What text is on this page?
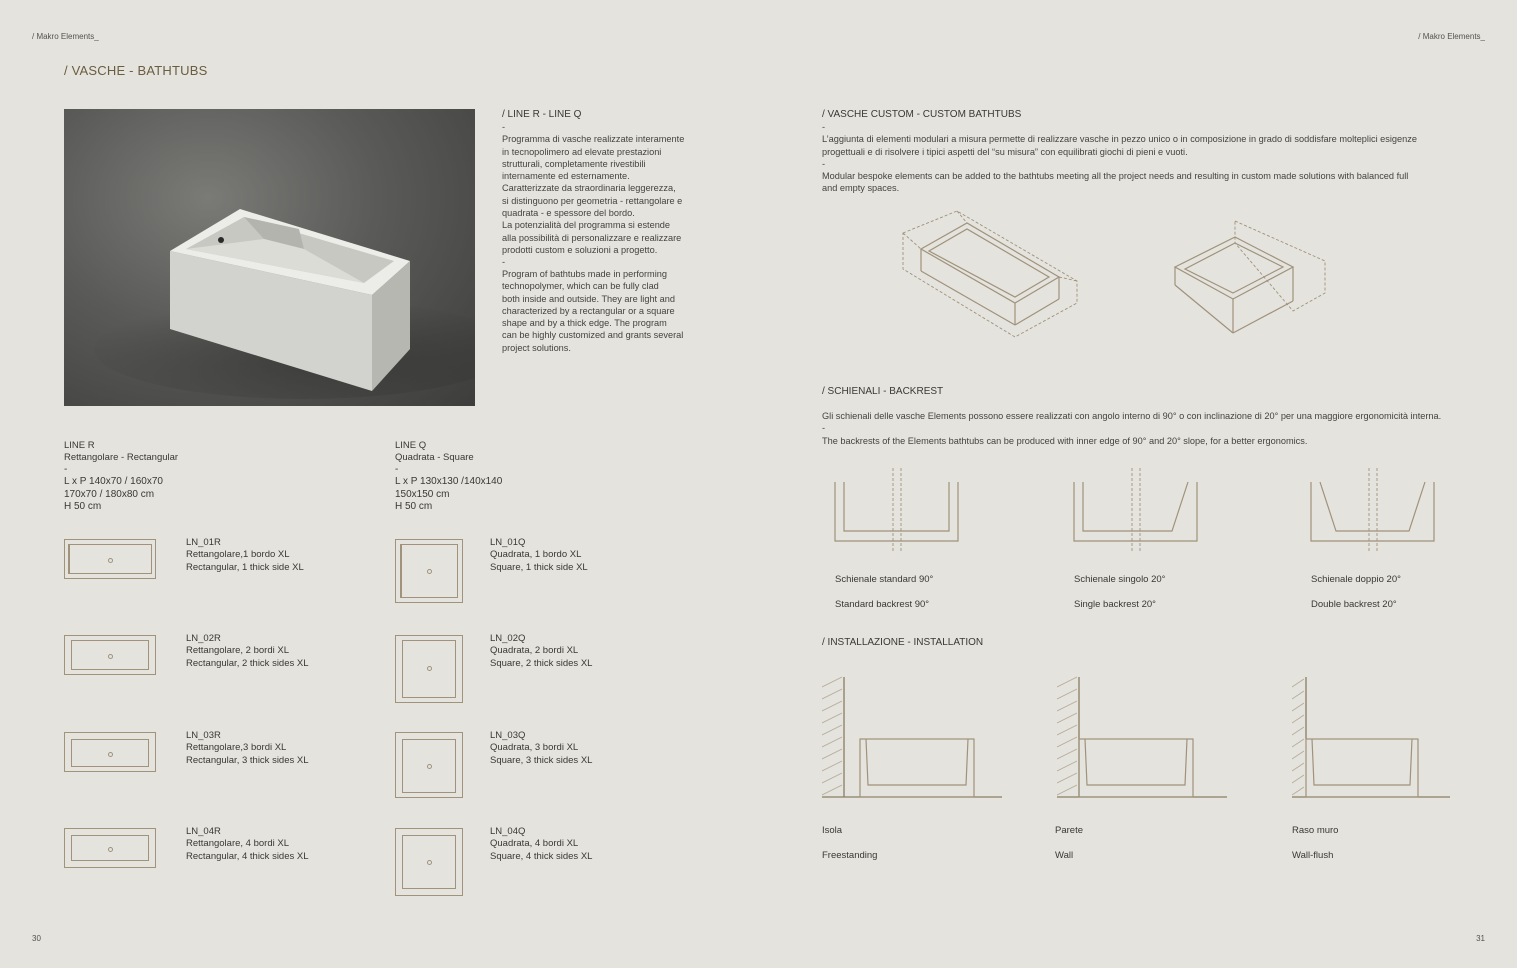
/ Makro Elements_	/ Makro Elements_
30	31
/ VASCHE - BATHTUBS
/ LINE R - LINE Q
-
Programma di vasche realizzate interamente
in tecnopolimero ad elevate prestazioni
strutturali, completamente rivestibili
internamente ed esternamente.
Caratterizzate da straordinaria leggerezza,
si distinguono per geometria - rettangolare e
quadrata - e spessore del bordo.
La potenzialità del programma si estende
alla possibilità di personalizzare e realizzare
prodotti custom e soluzioni a progetto.
-
Program of bathtubs made in performing
technopolymer, which can be fully clad
both inside and outside. They are light and
characterized by a rectangular or a square
shape and by a thick edge. The program
can be highly customized and grants several
project solutions.
LINE R
Rettangolare - Rectangular
-
L x P 140x70 / 160x70
170x70 / 180x80 cm
H 50 cm
LINE Q
Quadrata - Square
-
L x P 130x130 /140x140
150x150 cm
H 50 cm
LN_01R
Rettangolare,1 bordo XL
Rectangular, 1 thick side XL
LN_02R
Rettangolare, 2 bordi XL
Rectangular, 2 thick sides XL
LN_03R
Rettangolare,3 bordi XL
Rectangular, 3 thick sides XL
LN_04R
Rettangolare, 4 bordi XL
Rectangular, 4 thick sides XL
LN_01Q
Quadrata, 1 bordo XL
Square, 1 thick side XL
LN_02Q
Quadrata, 2 bordi XL
Square, 2 thick sides XL
LN_03Q
Quadrata, 3 bordi XL
Square, 3 thick sides XL
LN_04Q
Quadrata, 4 bordi XL
Square, 4 thick sides XL
/ VASCHE CUSTOM - CUSTOM BATHTUBS
-
L’aggiunta di elementi modulari a misura permette di realizzare vasche in pezzo unico o in composizione in grado di soddisfare molteplici esigenze
progettuali e di risolvere i tipici aspetti del “su misura” con equilibrati giochi di pieni e vuoti.
-
Modular bespoke elements can be added to the bathtubs meeting all the project needs and resulting in custom made solutions with balanced full
and empty spaces.
/ SCHIENALI - BACKREST
Gli schienali delle vasche Elements possono essere realizzati con angolo interno di 90° o con inclinazione di 20° per una maggiore ergonomicità interna.
-
The backrests of the Elements bathtubs can be produced with inner edge of 90° and 20° slope, for a better ergonomics.

Schienale standard 90°

Standard backrest 90°

Schienale singolo 20°

Single backrest 20°

Schienale doppio 20°

Double backrest 20°

/ INSTALLAZIONE - INSTALLATION

Isola

Freestanding

Parete

Wall

Raso muro

Wall-flush
